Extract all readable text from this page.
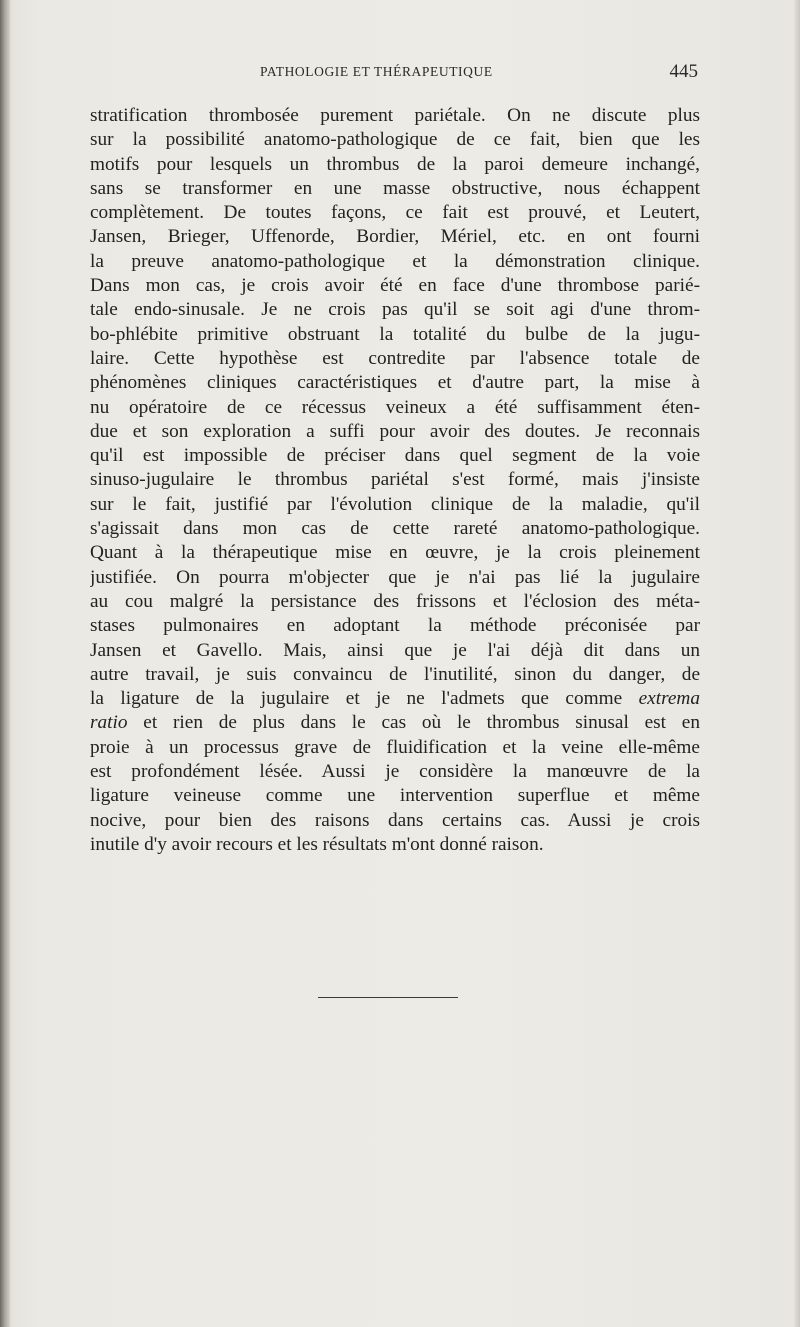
PATHOLOGIE ET THÉRAPEUTIQUE	445
stratification thrombosée purement pariétale. On ne discute plus
sur la possibilité anatomo-pathologique de ce fait, bien que les
motifs pour lesquels un thrombus de la paroi demeure inchangé,
sans se transformer en une masse obstructive, nous échappent
complètement. De toutes façons, ce fait est prouvé, et Leutert,
Jansen, Brieger, Uffenorde, Bordier, Mériel, etc. en ont fourni
la preuve anatomo-pathologique et la démonstration clinique.
Dans mon cas, je crois avoir été en face d'une thrombose parié-
tale endo-sinusale. Je ne crois pas qu'il se soit agi d'une throm-
bo-phlébite primitive obstruant la totalité du bulbe de la jugu-
laire. Cette hypothèse est contredite par l'absence totale de
phénomènes cliniques caractéristiques et d'autre part, la mise à
nu opératoire de ce récessus veineux a été suffisamment éten-
due et son exploration a suffi pour avoir des doutes. Je reconnais
qu'il est impossible de préciser dans quel segment de la voie
sinuso-jugulaire le thrombus pariétal s'est formé, mais j'insiste
sur le fait, justifié par l'évolution clinique de la maladie, qu'il
s'agissait dans mon cas de cette rareté anatomo-pathologique.
Quant à la thérapeutique mise en œuvre, je la crois pleinement
justifiée. On pourra m'objecter que je n'ai pas lié la jugulaire
au cou malgré la persistance des frissons et l'éclosion des méta-
stases pulmonaires en adoptant la méthode préconisée par
Jansen et Gavello. Mais, ainsi que je l'ai déjà dit dans un
autre travail, je suis convaincu de l'inutilité, sinon du danger, de
la ligature de la jugulaire et je ne l'admets que comme extrema
ratio et rien de plus dans le cas où le thrombus sinusal est en
proie à un processus grave de fluidification et la veine elle-même
est profondément lésée. Aussi je considère la manœuvre de la
ligature veineuse comme une intervention superflue et même
nocive, pour bien des raisons dans certains cas. Aussi je crois
inutile d'y avoir recours et les résultats m'ont donné raison.
